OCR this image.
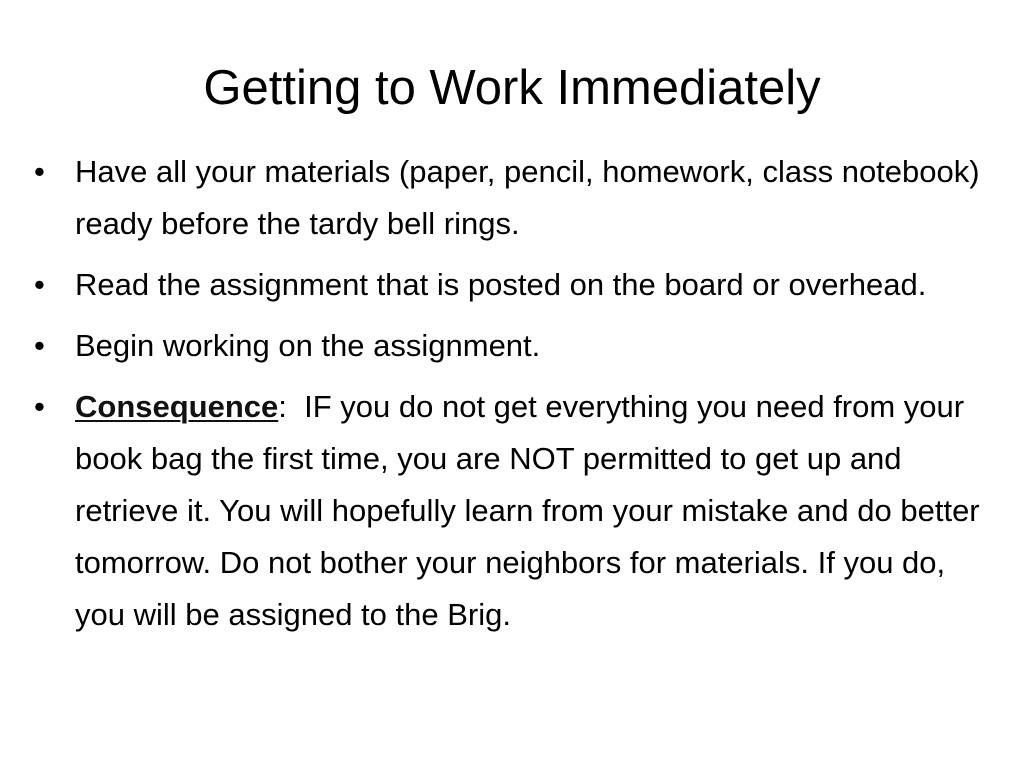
Getting to Work Immediately
• Have all your materials (paper, pencil, homework, class notebook) ready before the tardy bell rings.
• Read the assignment that is posted on the board or overhead.
• Begin working on the assignment.
• Consequence:  IF you do not get everything you need from your book bag the first time, you are NOT permitted to get up and retrieve it. You will hopefully learn from your mistake and do better tomorrow. Do not bother your neighbors for materials. If you do, you will be assigned to the Brig.
